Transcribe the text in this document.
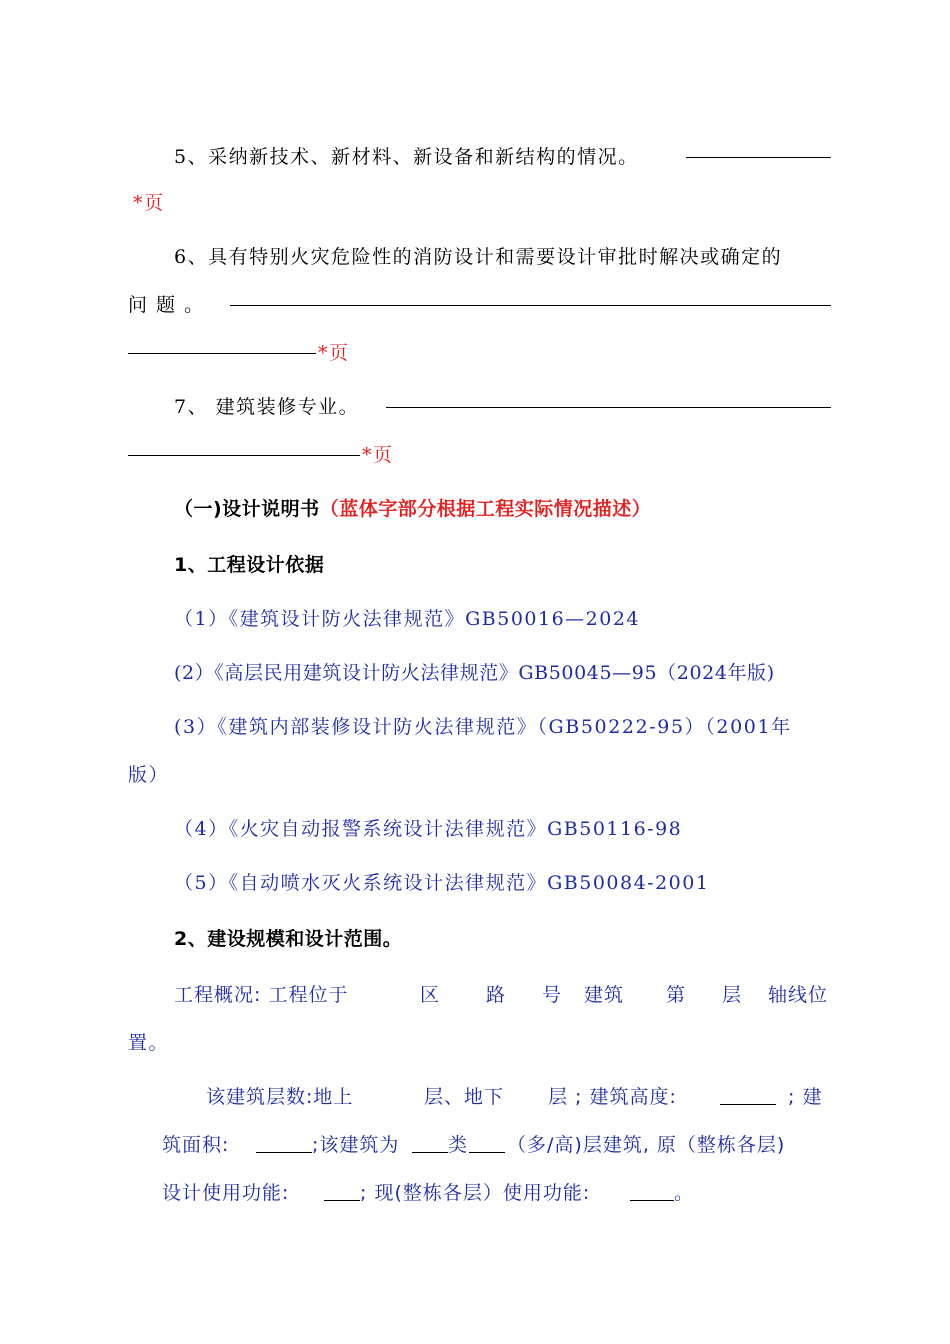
5、采纳新技术、新材料、新设备和新结构的情况。
*页
6、具有特别火灾危险性的消防设计和需要设计审批时解决或确定的
问 题 。
*页
7、 建筑装修专业。
*页
（一)设计说明书（蓝体字部分根据工程实际情况描述）
1、工程设计依据
（1）《建筑设计防火法律规范》GB50016—2024
(2）《高层民用建筑设计防火法律规范》GB50045—95（2024年版)
(3）《建筑内部装修设计防火法律规范》（GB50222-95）（2001年
版）
（4）《火灾自动报警系统设计法律规范》GB50116-98
（5）《自动喷水灭火系统设计法律规范》GB50084-2001
2、建设规模和设计范围。
工程概况: 工程位于	区 路 号 建筑 第 层 轴线位
置。
该建筑层数:地上	层、地下 层 ; 建筑高度:	; 建
筑面积:	;该建筑为	类 （多/高)层建筑, 原（整栋各层)
设计使用功能:	; 现(整栋各层）使用功能:	。
